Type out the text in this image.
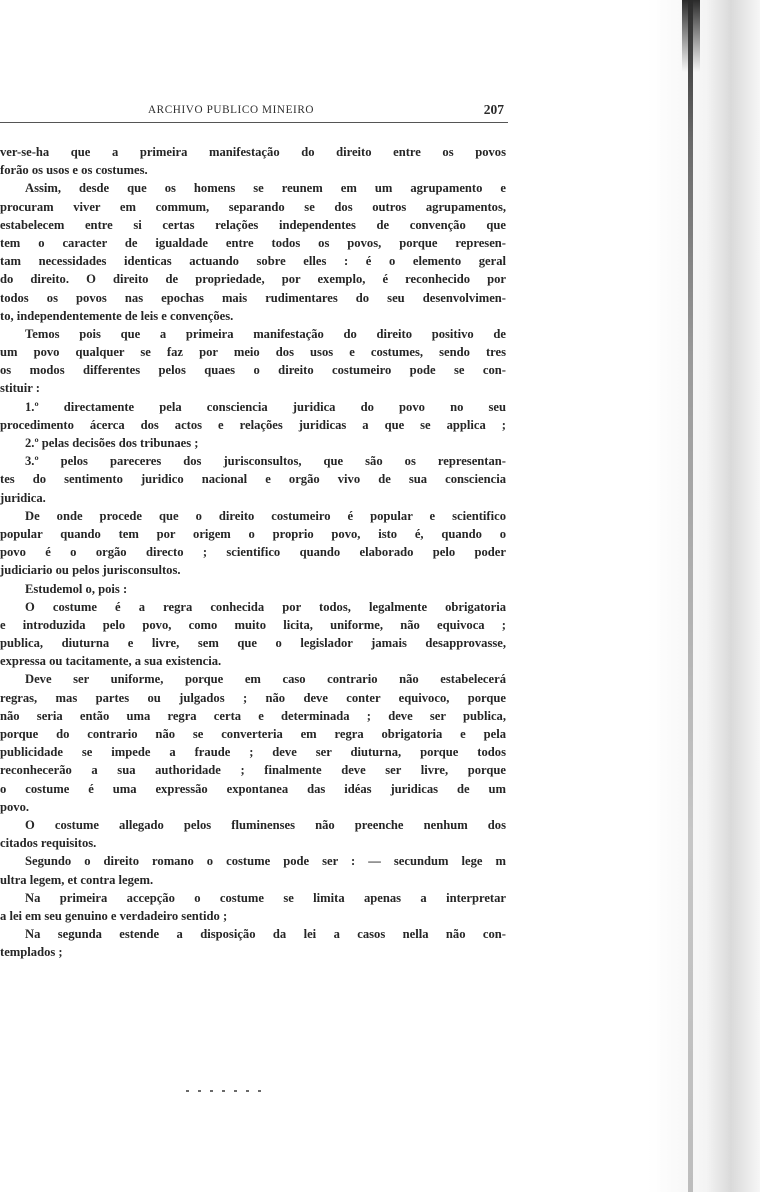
ARCHIVO PUBLICO MINEIRO	207
ver-se-ha que a primeira manifestação do direito entre os povos
forão os usos e os costumes.
Assim, desde que os homens se reunem em um agrupamento e
procuram viver em commum, separando se dos outros agrupamentos,
estabelecem entre si certas relações independentes de convenção que
tem o caracter de igualdade entre todos os povos, porque represen-
tam necessidades identicas actuando sobre elles : é o elemento geral
do direito. O direito de propriedade, por exemplo, é reconhecido por
todos os povos nas epochas mais rudimentares do seu desenvolvimen-
to, independentemente de leis e convenções.
Temos pois que a primeira manifestação do direito positivo de
um povo qualquer se faz por meio dos usos e costumes, sendo tres
os modos differentes pelos quaes o direito costumeiro pode se con-
stituir :
1.º directamente pela consciencia juridica do povo no seu
procedimento ácerca dos actos e relações juridicas a que se applica ;
2.º pelas decisões dos tribunaes ;
3.º pelos pareceres dos jurisconsultos, que são os representan-
tes do sentimento juridico nacional e orgão vivo de sua consciencia
juridica.
De onde procede que o direito costumeiro é popular e scientifico
popular quando tem por origem o proprio povo, isto é, quando o
povo é o orgão directo ; scientifico quando elaborado pelo poder
judiciario ou pelos jurisconsultos.
Estudemol o, pois :
O costume é a regra conhecida por todos, legalmente obrigatoria
e introduzida pelo povo, como muito licita, uniforme, não equivoca ;
publica, diuturna e livre, sem que o legislador jamais desapprovasse,
expressa ou tacitamente, a sua existencia.
Deve ser uniforme, porque em caso contrario não estabelecerá
regras, mas partes ou julgados ; não deve conter equivoco, porque
não seria então uma regra certa e determinada ; deve ser publica,
porque do contrario não se converteria em regra obrigatoria e pela
publicidade se impede a fraude ; deve ser diuturna, porque todos
reconhecerão a sua authoridade ; finalmente deve ser livre, porque
o costume é uma expressão expontanea das idéas juridicas de um
povo.
O costume allegado pelos fluminenses não preenche nenhum dos
citados requisitos.
Segundo o direito romano o costume pode ser : — secundum lege m
ultra legem, et contra legem.
Na primeira accepção o costume se limita apenas a interpretar
a lei em seu genuino e verdadeiro sentido ;
Na segunda estende a disposição da lei a casos nella não con-
templados ;
